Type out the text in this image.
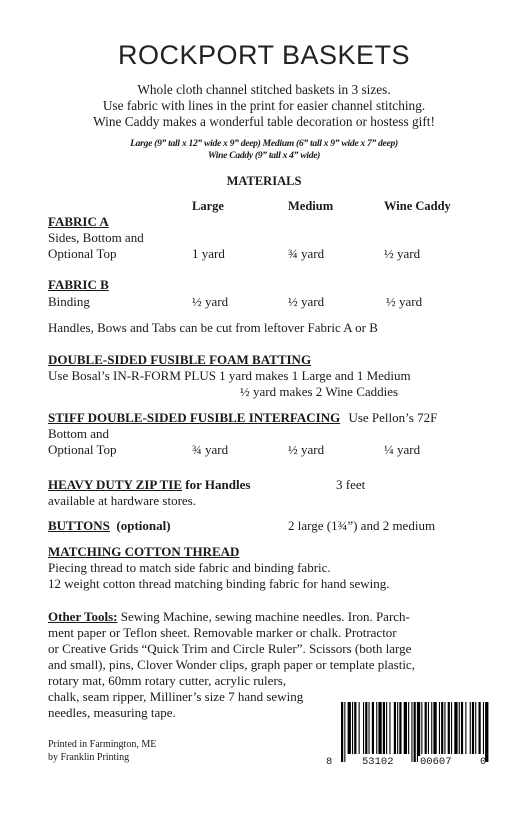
ROCKPORT BASKETS
Whole cloth channel stitched baskets in 3 sizes.
Use fabric with lines in the print for easier channel stitching.
Wine Caddy makes a wonderful table decoration or hostess gift!
Large (9” tall x 12” wide x 9” deep) Medium (6” tall x 9” wide x 7” deep)
Wine Caddy (9” tall x 4” wide)
MATERIALS
Large	Medium	Wine Caddy
FABRIC A
Sides, Bottom and
Optional Top	1 yard	¾ yard	½ yard
FABRIC B
Binding	½ yard	½ yard	½ yard
Handles, Bows and Tabs can be cut from leftover Fabric A or B
DOUBLE-SIDED FUSIBLE FOAM BATTING
Use Bosal’s IN-R-FORM PLUS 1 yard makes 1 Large and 1 Medium
½ yard makes 2 Wine Caddies
STIFF DOUBLE-SIDED FUSIBLE INTERFACING Use Pellon’s 72F
Bottom and
Optional Top	¾ yard	½ yard	¼ yard
HEAVY DUTY ZIP TIE for Handles	3 feet
available at hardware stores.
BUTTONS  (optional)	2 large (1¾”) and 2 medium
MATCHING COTTON THREAD
Piecing thread to match side fabric and binding fabric.
12 weight cotton thread matching binding fabric for hand sewing.
Other Tools: Sewing Machine, sewing machine needles. Iron. Parch-
ment paper or Teflon sheet. Removable marker or chalk. Protractor
or Creative Grids “Quick Trim and Circle Ruler”. Scissors (both large
and small), pins, Clover Wonder clips, graph paper or template plastic,
rotary mat, 60mm rotary cutter, acrylic rulers,
chalk, seam ripper, Milliner’s size 7 hand sewing
needles, measuring tape.
Printed in Farmington, ME
by Franklin Printing	8	53102	00607	0
